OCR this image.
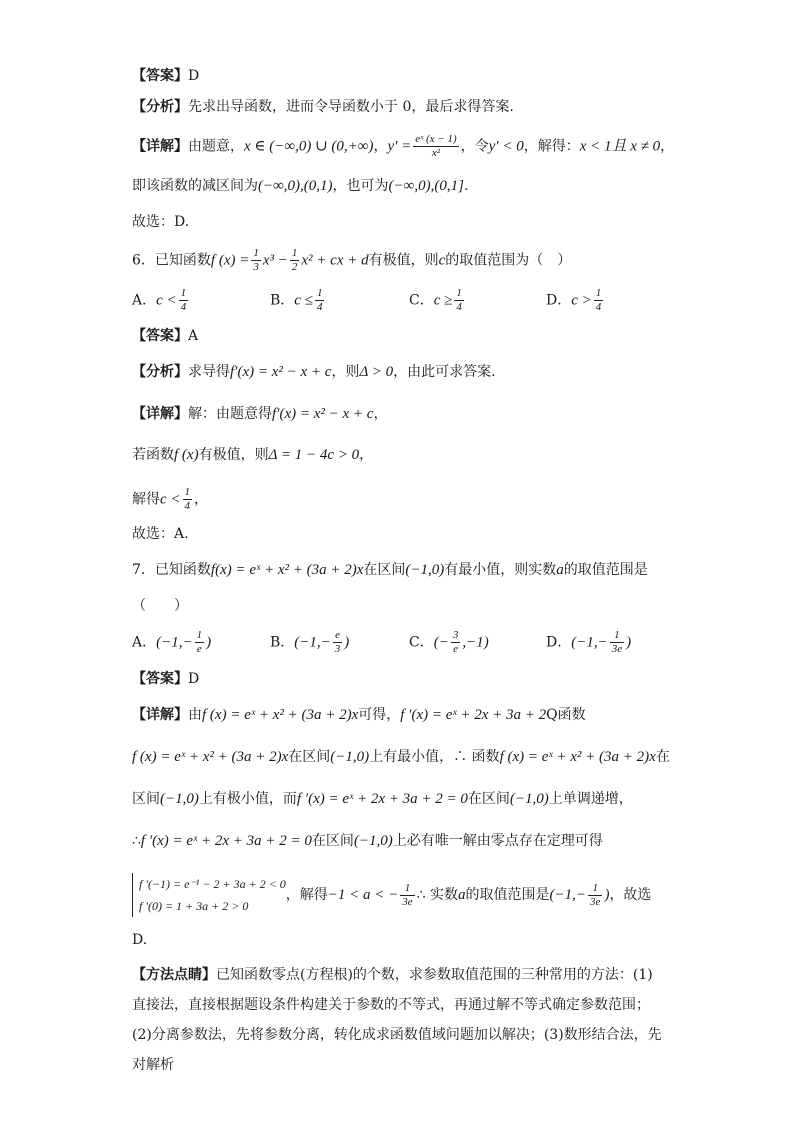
【答案】D
【分析】先求出导函数，进而令导函数小于 0，最后求得答案.
【详解】由题意，x ∈ (−∞,0) ∪ (0,+∞)，$y' = \frac{\text{eˣ (x − 1)}}{\text{x²}}$ ，令y′ < 0，解得：x < 1且 x ≠ 0，
即该函数的减区间为(−∞,0),(0,1)，也可为(−∞,0),(0,1].
故选：D.
6．已知函数f $(x) = \frac{1}{3} x^3 - \frac{1}{2} x^2$ + cx + d有极值，则c的取值范围为（　）
A．$c < \frac{1}{4}$	B．$c \le \frac{1}{4}$	C．$c \ge \frac{1}{4}$	D．$c > \frac{1}{4}$
【答案】A
【分析】求导得f′(x) = x² − x + c，则Δ > 0，由此可求答案.
【详解】解：由题意得f′(x) = x² − x + c，
若函数f (x)有极值，则Δ = 1 − 4c > 0，
解得$c < \frac{1}{4}$ ，
故选：A.
7．已知函数f(x) = eˣ + x² + (3a + 2)x在区间(−1,0)有最小值，则实数a的取值范围是
（　　）
A．($-1,- \frac{1}{e}$ )	B．($-1,- \frac{e}{3}$ )	C．(− $\frac{3}{e} ,-1$)	D．($-1,- \frac{1}{3e}$ )
【答案】D
【详解】由f (x) = eˣ + x² + (3a + 2)x可得，f ′(x) = eˣ + 2x + 3a + 2Q函数
f (x) = eˣ + x² + (3a + 2)x在区间(−1,0)上有最小值，∴ 函数f (x) = eˣ + x² + (3a + 2)x在
区间(−1,0)上有极小值，而f ′(x) = eˣ + 2x + 3a + 2 = 0在区间(−1,0)上单调递增，
∴f ′(x) = eˣ + 2x + 3a + 2 = 0在区间(−1,0)上必有唯一解由零点存在定理可得
f ′(−1) = e⁻¹ − 2 + 3a + 2 < 0
f ′(0) = 1 + 3a + 2 > 0
，解得−1 < a < − $\frac{1}{3e}$ ∴ 实数a的取值范围是($-1,- \frac{1}{3e}$ )，故选
D.
【方法点睛】已知函数零点(方程根)的个数，求参数取值范围的三种常用的方法：(1)直接法，直接根据题设条件构建关于参数的不等式，再通过解不等式确定参数范围；(2)分离参数法，先将参数分离，转化成求函数值域问题加以解决；(3)数形结合法，先对解析
